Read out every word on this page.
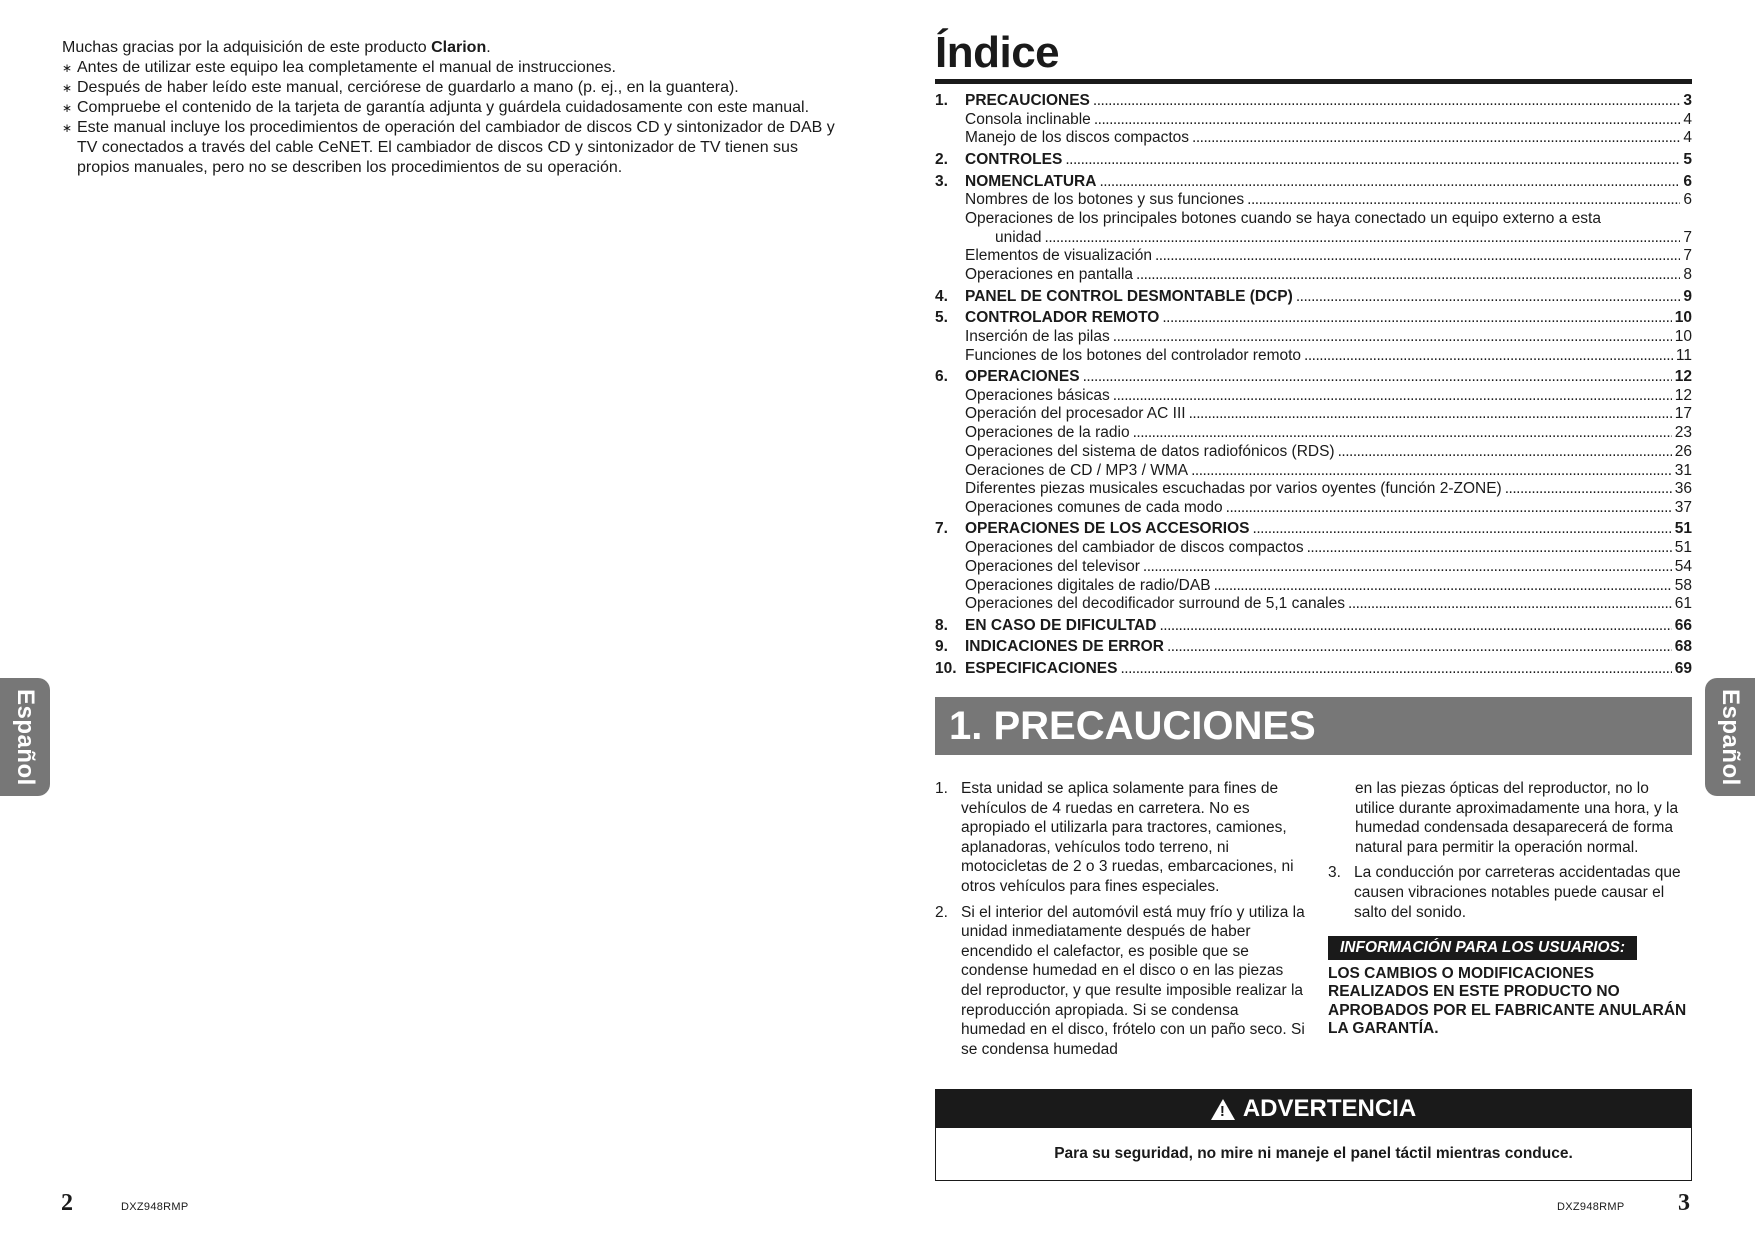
Muchas gracias por la adquisición de este producto Clarion.

∗ Antes de utilizar este equipo lea completamente el manual de instrucciones.

∗ Después de haber leído este manual, cerciórese de guardarlo a mano (p. ej., en la guantera).

∗ Compruebe el contenido de la tarjeta de garantía adjunta y guárdela cuidadosamente con este manual.

∗ Este manual incluye los procedimientos de operación del cambiador de discos CD y sintonizador de DAB y TV conectados a través del cable CeNET. El cambiador de discos CD y sintonizador de TV tienen sus propios manuales, pero no se describen los procedimientos de su operación.

Español	Español
2	DXZ948RMP	DXZ948RMP 3
Índice
1.	PRECAUCIONES . . .	3
Consola inclinable . . .	4
Manejo de los discos compactos . . .	4
2.	CONTROLES . . .	5
3.	NOMENCLATURA . . .	6
Nombres de los botones y sus funciones . . .	6
Operaciones de los principales botones cuando se haya conectado un equipo externo a esta
unidad . . .	7
Elementos de visualización . . .	7
Operaciones en pantalla . . .	8
4.	PANEL DE CONTROL DESMONTABLE (DCP) . . .	9
5.	CONTROLADOR REMOTO . . .	10
Inserción de las pilas . . .	10
Funciones de los botones del controlador remoto . . .	11
6.	OPERACIONES . . .	12
Operaciones básicas . . .	12
Operación del procesador AC III . . .	17
Operaciones de la radio . . .	23
Operaciones del sistema de datos radiofónicos (RDS) . . .	26
Oeraciones de CD / MP3 / WMA . . .	31
Diferentes piezas musicales escuchadas por varios oyentes (función 2-ZONE) . . .	36
Operaciones comunes de cada modo . . .	37
7.	OPERACIONES DE LOS ACCESORIOS . . .	51
Operaciones del cambiador de discos compactos . . .	51
Operaciones del televisor . . .	54
Operaciones digitales de radio/DAB . . .	58
Operaciones del decodificador surround de 5,1 canales . . .	61
8.	EN CASO DE DIFICULTAD . . .	66
9.	INDICACIONES DE ERROR . . .	68
10. ESPECIFICACIONES . . .	69
1. PRECAUCIONES
1. Esta unidad se aplica solamente para fines de vehículos de 4 ruedas en carretera. No es apropiado el utilizarla para tractores, camiones, aplanadoras, vehículos todo terreno, ni motocicletas de 2 o 3 ruedas, embarcaciones, ni otros vehículos para fines especiales.
2. Si el interior del automóvil está muy frío y utiliza la unidad inmediatamente después de haber encendido el calefactor, es posible que se condense humedad en el disco o en las piezas del reproductor, y que resulte imposible realizar la reproducción apropiada. Si se condensa humedad en el disco, frótelo con un paño seco. Si se condensa humedad
en las piezas ópticas del reproductor, no lo utilice durante aproximadamente una hora, y la humedad condensada desaparecerá de forma natural para permitir la operación normal.
3. La conducción por carreteras accidentadas que causen vibraciones notables puede causar el salto del sonido.
INFORMACIÓN PARA LOS USUARIOS:
LOS CAMBIOS O MODIFICACIONES REALIZADOS EN ESTE PRODUCTO NO APROBADOS POR EL FABRICANTE ANULARÁN LA GARANTÍA.
!
ADVERTENCIA
Para su seguridad, no mire ni maneje el panel táctil mientras conduce.
